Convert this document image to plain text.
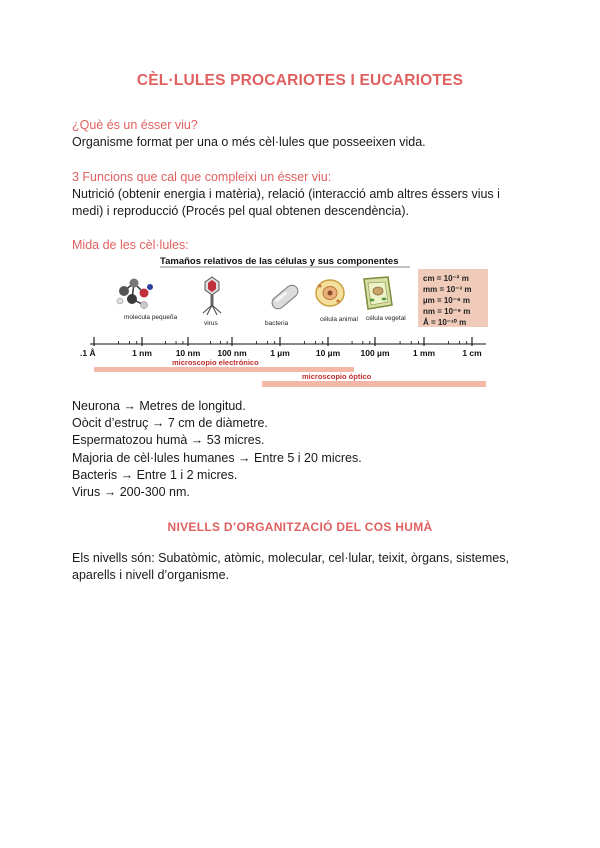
CÈL·LULES PROCARIOTES I EUCARIOTES
¿Què és un ésser viu?
Organisme format per una o més cèl·lules que posseeixen vida.
3 Funcions que cal que compleixi un ésser viu:
Nutrició (obtenir energia i matèria), relació (interacció amb altres éssers vius i medi) i reproducció (Procés pel qual obtenen descendència).
Mida de les cèl·lules:
Tamaños relativos de las células y sus componentes
molecula pequeña
virus	bacteria
célula animal célula vegetal
cm = 10⁻² m
mm = 10⁻³ m
µm = 10⁻⁶ m
nm = 10⁻⁹ m
Å = 10⁻¹⁰ m
.1 Å	1 nm	10 nm 100 nm	1 µm	10 µm 100 µm	1 mm	1 cm
microscopio electrónico
microscopio óptico
Neurona → Metres de longitud.
Oòcit d’estruç → 7 cm de diàmetre.
Espermatozou humà → 53 micres.
Majoria de cèl·lules humanes → Entre 5 i 20 micres.
Bacteris → Entre 1 i 2 micres.
Virus → 200-300 nm.
NIVELLS D’ORGANITZACIÓ DEL COS HUMÀ
Els nivells són: Subatòmic, atòmic, molecular, cel·lular, teixit, òrgans, sistemes, aparells i nivell d’organisme.
